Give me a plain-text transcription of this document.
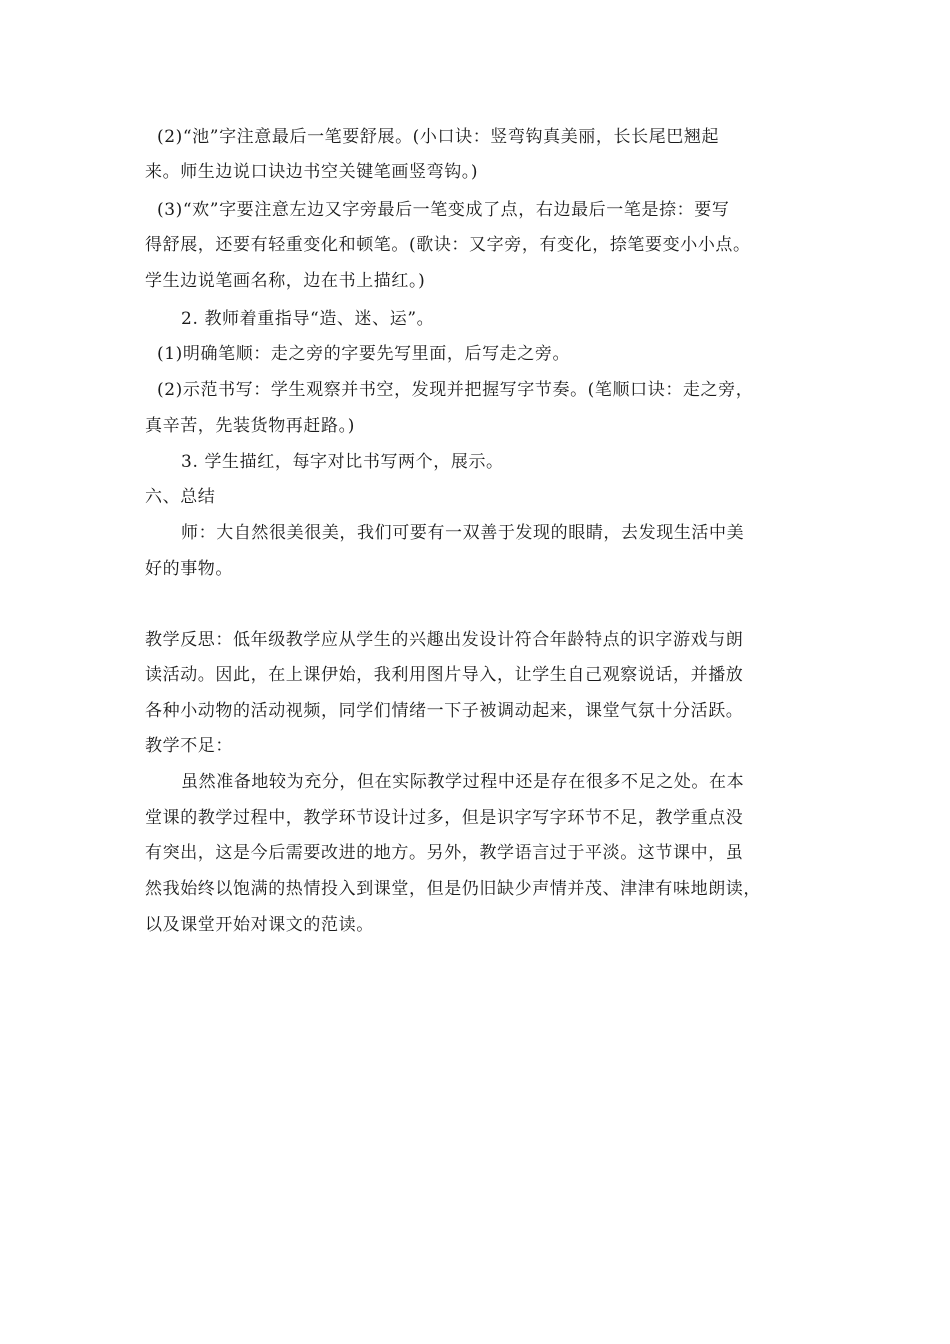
(2)“池”字注意最后一笔要舒展。(小口诀：竖弯钩真美丽，长长尾巴翘起
来。师生边说口诀边书空关键笔画竖弯钩。)
(3)“欢”字要注意左边又字旁最后一笔变成了点，右边最后一笔是捺：要写
得舒展，还要有轻重变化和顿笔。(歌诀：又字旁，有变化，捺笔要变小小点。
学生边说笔画名称，边在书上描红。)
2. 教师着重指导“造、迷、运”。
(1)明确笔顺：走之旁的字要先写里面，后写走之旁。
(2)示范书写：学生观察并书空，发现并把握写字节奏。(笔顺口诀：走之旁，
真辛苦，先装货物再赶路。)
3. 学生描红，每字对比书写两个，展示。
六、总结
师：大自然很美很美，我们可要有一双善于发现的眼睛，去发现生活中美
好的事物。
教学反思：低年级教学应从学生的兴趣出发设计符合年龄特点的识字游戏与朗
读活动。因此，在上课伊始，我利用图片导入，让学生自己观察说话，并播放
各种小动物的活动视频，同学们情绪一下子被调动起来，课堂气氛十分活跃。
教学不足：
虽然准备地较为充分，但在实际教学过程中还是存在很多不足之处。在本
堂课的教学过程中，教学环节设计过多，但是识字写字环节不足，教学重点没
有突出，这是今后需要改进的地方。另外，教学语言过于平淡。这节课中，虽
然我始终以饱满的热情投入到课堂，但是仍旧缺少声情并茂、津津有味地朗读，
以及课堂开始对课文的范读。
